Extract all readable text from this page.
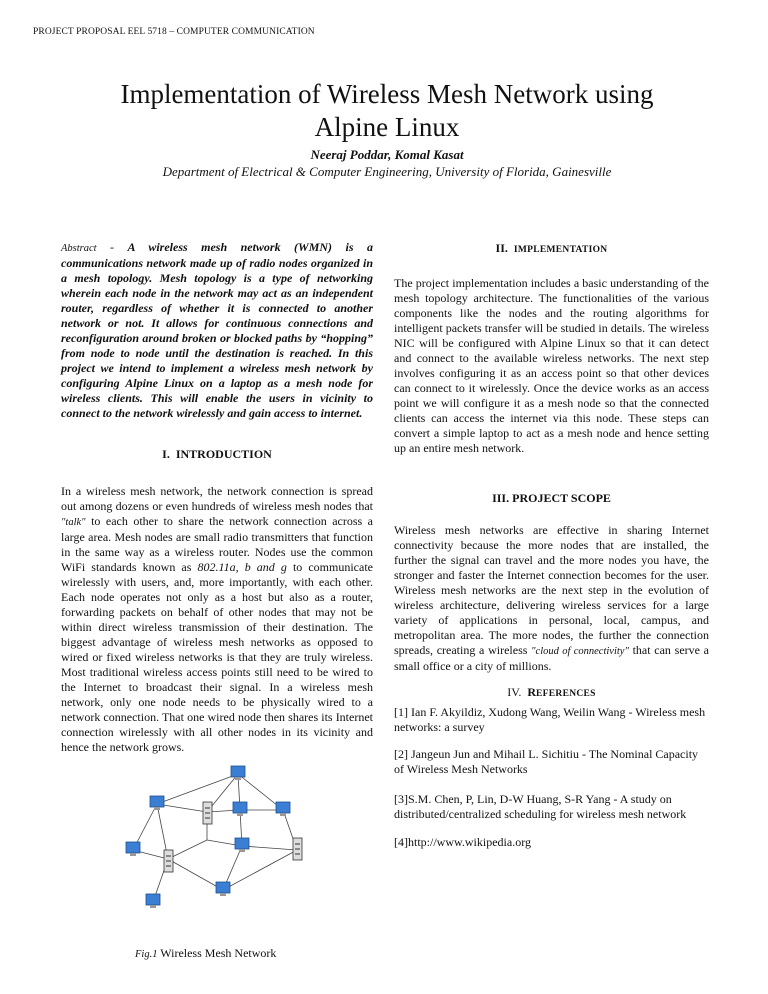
PROJECT PROPOSAL EEL 5718 – COMPUTER COMMUNICATION
Implementation of Wireless Mesh Network using
Alpine Linux
Neeraj Poddar, Komal Kasat
Department of Electrical & Computer Engineering, University of Florida, Gainesville
Abstract - A wireless mesh network (WMN) is a communications network made up of radio nodes organized in a mesh topology. Mesh topology is a type of networking wherein each node in the network may act as an independent router, regardless of whether it is connected to another network or not. It allows for continuous connections and reconfiguration around broken or blocked paths by “hopping” from node to node until the destination is reached. In this project we intend to implement a wireless mesh network by configuring Alpine Linux on a laptop as a mesh node for wireless clients. This will enable the users in vicinity to connect to the network wirelessly and gain access to internet.
I. INTRODUCTION
In a wireless mesh network, the network connection is spread out among dozens or even hundreds of wireless mesh nodes that "talk" to each other to share the network connection across a large area. Mesh nodes are small radio transmitters that function in the same way as a wireless router. Nodes use the common WiFi standards known as 802.11a, b and g to communicate wirelessly with users, and, more importantly, with each other. Each node operates not only as a host but also as a router, forwarding packets on behalf of other nodes that may not be within direct wireless transmission of their destination. The biggest advantage of wireless mesh networks as opposed to wired or fixed wireless networks is that they are truly wireless. Most traditional wireless access points still need to be wired to the Internet to broadcast their signal. In a wireless mesh network, only one node needs to be physically wired to a network connection. That one wired node then shares its Internet connection wirelessly with all other nodes in its vicinity and hence the network grows.
Fig.1 Wireless Mesh Network
II. IMPLEMENTATION
The project implementation includes a basic understanding of the mesh topology architecture. The functionalities of the various components like the nodes and the routing algorithms for intelligent packets transfer will be studied in details. The wireless NIC will be configured with Alpine Linux so that it can detect and connect to the available wireless networks. The next step involves configuring it as an access point so that other devices can connect to it wirelessly. Once the device works as an access point we will configure it as a mesh node so that the connected clients can access the internet via this node. These steps can convert a simple laptop to act as a mesh node and hence setting up an entire mesh network.
III. PROJECT SCOPE
Wireless mesh networks are effective in sharing Internet connectivity because the more nodes that are installed, the further the signal can travel and the more nodes you have, the stronger and faster the Internet connection becomes for the user. Wireless mesh networks are the next step in the evolution of wireless architecture, delivering wireless services for a large variety of applications in personal, local, campus, and metropolitan area. The more nodes, the further the connection spreads, creating a wireless "cloud of connectivity" that can serve a small office or a city of millions.
IV. REFERENCES

[1] Ian F. Akyildiz, Xudong Wang, Weilin Wang - Wireless mesh networks: a survey

[2] Jangeun Jun and Mihail L. Sichitiu - The Nominal Capacity of Wireless Mesh Networks

[3]S.M. Chen, P, Lin, D-W Huang, S-R Yang - A study on distributed/centralized scheduling for wireless mesh network

[4]http://www.wikipedia.org
